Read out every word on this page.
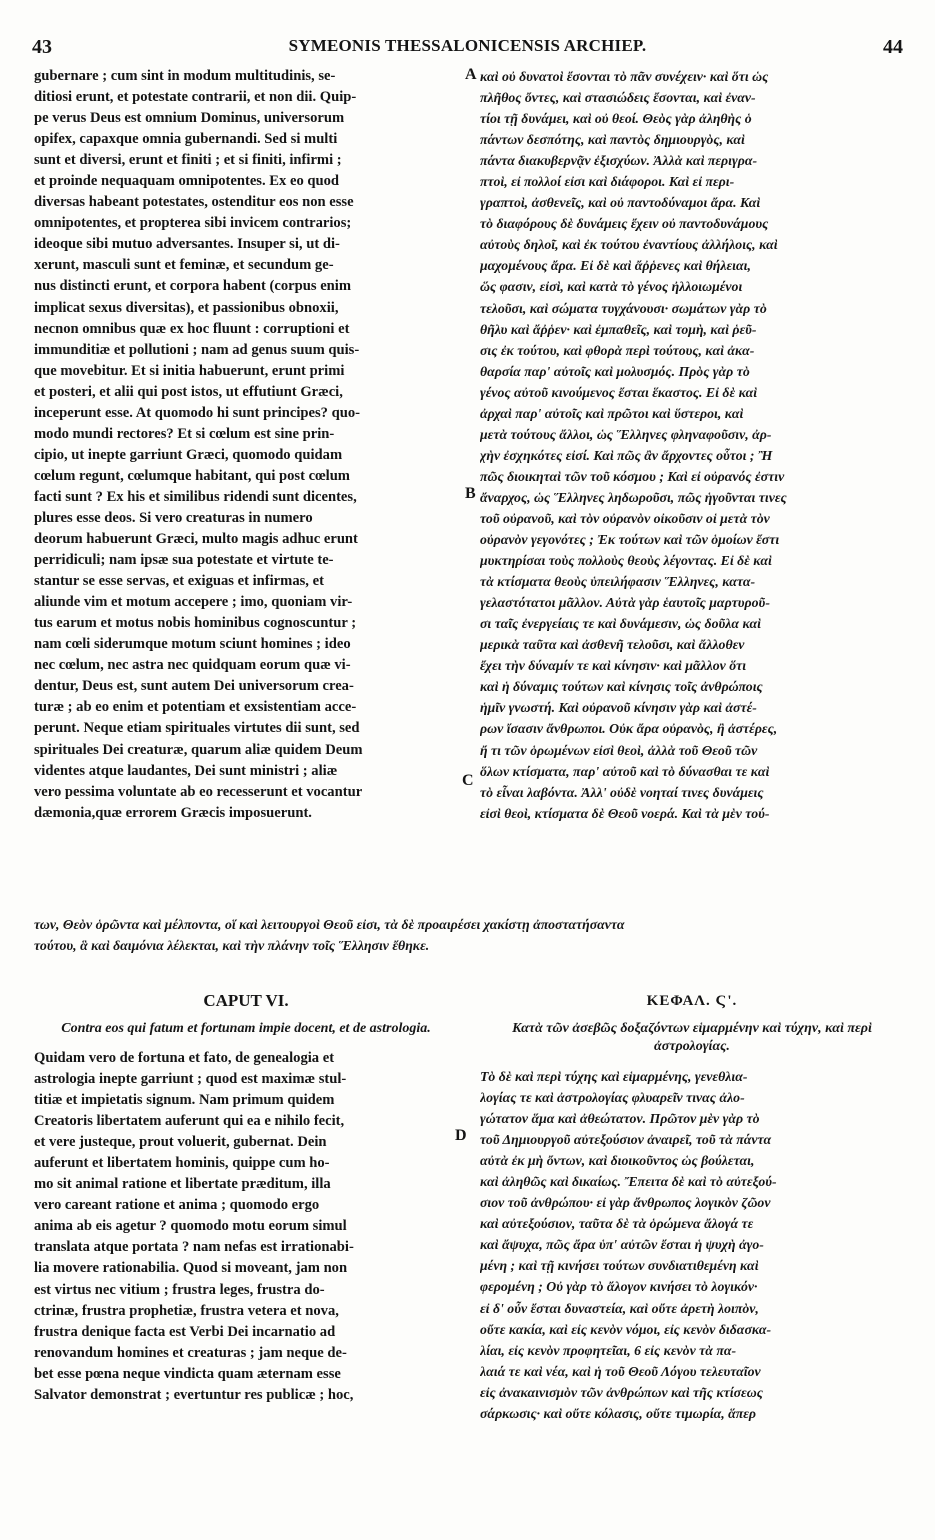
43	SYMEONIS THESSALONICENSIS ARCHIEP.	44
A
B
C
D
gubernare ; cum sint in modum multitudinis, se-
ditiosi erunt, et potestate contrarii, et non dii. Quip-
pe verus Deus est omnium Dominus, universorum
opifex, capaxque omnia gubernandi. Sed si multi
sunt et diversi, erunt et finiti ; et si finiti, infirmi ;
et proinde nequaquam omnipotentes. Ex eo quod
diversas habeant potestates, ostenditur eos non esse
omnipotentes, et propterea sibi invicem contrarios;
ideoque sibi mutuo adversantes. Insuper si, ut di-
xerunt, masculi sunt et feminæ, et secundum ge-
nus distincti erunt, et corpora habent (corpus enim
implicat sexus diversitas), et passionibus obnoxii,
necnon omnibus quæ ex hoc fluunt : corruptioni et
immunditiæ et pollutioni ; nam ad genus suum quis-
que movebitur. Et si initia habuerunt, erunt primi
et posteri, et alii qui post istos, ut effutiunt Græci,
inceperunt esse. At quomodo hi sunt principes? quo-
modo mundi rectores? Et si cœlum est sine prin-
cipio, ut inepte garriunt Græci, quomodo quidam
cœlum regunt, cœlumque habitant, qui post cœlum
facti sunt ? Ex his et similibus ridendi sunt dicentes,
plures esse deos. Si vero creaturas in numero
deorum habuerunt Græci, multo magis adhuc erunt
perridiculi; nam ipsæ sua potestate et virtute te-
stantur se esse servas, et exiguas et infirmas, et
aliunde vim et motum accepere ; imo, quoniam vir-
tus earum et motus nobis hominibus cognoscuntur ;
nam cœli siderumque motum sciunt homines ; ideo
nec cœlum, nec astra nec quidquam eorum quæ vi-
dentur, Deus est, sunt autem Dei universorum crea-
turæ ; ab eo enim et potentiam et exsistentiam acce-
perunt. Neque etiam spirituales virtutes dii sunt, sed
spirituales Dei creaturæ, quarum aliæ quidem Deum
videntes atque laudantes, Dei sunt ministri ; aliæ
vero pessima voluntate ab eo recesserunt et vocantur
dæmonia,quæ errorem Græcis imposuerunt.
καὶ οὐ δυνατοὶ ἔσονται τὸ πᾶν συνέχειν· καὶ ὅτι ὡς
πλῆθος ὄντες, καὶ στασιώδεις ἔσονται, καὶ ἐναν-
τίοι τῇ δυνάμει, καὶ οὐ θεοί. Θεὸς γὰρ ἀληθὴς ὁ
πάντων δεσπότης, καὶ παντὸς δημιουργὸς, καὶ
πάντα διακυβερνᾷν ἐξισχύων. Ἀλλὰ καὶ περιγρα-
πτοὶ, εἰ πολλοί εἰσι καὶ διάφοροι. Καὶ εἰ περι-
γραπτοὶ, ἀσθενεῖς, καὶ οὐ παντοδύναμοι ἄρα. Καὶ
τὸ διαφόρους δὲ δυνάμεις ἔχειν οὐ παντοδυνάμους
αὐτοὺς δηλοῖ, καὶ ἐκ τούτου ἐναντίους ἀλλήλοις, καὶ
μαχομένους ἄρα. Εἰ δὲ καὶ ἄῤῥενες καὶ θήλειαι,
ὥς φασιν, εἰσὶ, καὶ κατὰ τὸ γένος ἠλλοιωμένοι
τελοῦσι, καὶ σώματα τυγχάνουσι· σωμάτων γὰρ τὸ
θῆλυ καὶ ἄῤῥεν· καὶ ἐμπαθεῖς, καὶ τομὴ, καὶ ῥεῦ-
σις ἐκ τούτου, καὶ φθορὰ περὶ τούτους, καὶ ἀκα-
θαρσία παρ' αὐτοῖς καὶ μολυσμός. Πρὸς γὰρ τὸ
γένος αὐτοῦ κινούμενος ἔσται ἕκαστος. Εἰ δὲ καὶ
ἀρχαὶ παρ' αὐτοῖς καὶ πρῶτοι καὶ ὕστεροι, καὶ
μετὰ τούτους ἄλλοι, ὡς Ἕλληνες φληναφοῦσιν, ἀρ-
χὴν ἐσχηκότες εἰσί. Καὶ πῶς ἂν ἄρχοντες οὗτοι ; Ἢ
πῶς διοικηταὶ τῶν τοῦ κόσμου ; Καὶ εἰ οὐρανός ἐστιν
ἄναρχος, ὡς Ἕλληνες ληδωροῦσι, πῶς ἡγοῦνται τινες
τοῦ οὐρανοῦ, καὶ τὸν οὐρανὸν οἰκοῦσιν οἱ μετὰ τὸν
οὐρανὸν γεγονότες ; Ἐκ τούτων καὶ τῶν ὁμοίων ἔστι
μυκτηρίσαι τοὺς πολλοὺς θεοὺς λέγοντας. Εἰ δὲ καὶ
τὰ κτίσματα θεοὺς ὑπειλήφασιν Ἕλληνες, κατα-
γελαστότατοι μᾶλλον. Αὐτὰ γὰρ ἑαυτοῖς μαρτυροῦ-
σι ταῖς ἐνεργείαις τε καὶ δυνάμεσιν, ὡς δοῦλα καὶ
μερικὰ ταῦτα καὶ ἀσθενῆ τελοῦσι, καὶ ἄλλοθεν
ἔχει τὴν δύναμίν τε καὶ κίνησιν· καὶ μᾶλλον ὅτι
καὶ ἡ δύναμις τούτων καὶ κίνησις τοῖς ἀνθρώποις
ἡμῖν γνωστή. Καὶ οὐρανοῦ κίνησιν γὰρ καὶ ἀστέ-
ρων ἴσασιν ἄνθρωποι. Οὐκ ἄρα οὐρανὸς, ἢ ἀστέρες,
ἤ τι τῶν ὁρωμένων εἰσὶ θεοὶ, ἀλλὰ τοῦ Θεοῦ τῶν
ὅλων κτίσματα, παρ' αὐτοῦ καὶ τὸ δύνασθαι τε καὶ
τὸ εἶναι λαβόντα. Ἀλλ' οὐδὲ νοηταί τινες δυνάμεις
εἰσὶ θεοὶ, κτίσματα δὲ Θεοῦ νοερά. Καὶ τὰ μὲν τού-
των, Θεὸν ὁρῶντα καὶ μέλποντα, οἵ καὶ λειτουργοὶ Θεοῦ εἰσι, τὰ δὲ προαιρέσει χακίστῃ ἀποστατήσαντα
τούτου, ἃ καὶ δαιμόνια λέλεκται, καὶ τὴν πλάνην τοῖς Ἕλλησιν ἔθηκε.
CAPUT VI.
Contra eos qui fatum et fortunam impie docent, et de astrologia.
Quidam vero de fortuna et fato, de genealogia et
astrologia inepte garriunt ; quod est maximæ stul-
titiæ et impietatis signum. Nam primum quidem
Creatoris libertatem auferunt qui ea e nihilo fecit,
et vere justeque, prout voluerit, gubernat. Dein
auferunt et libertatem hominis, quippe cum ho-
mo sit animal ratione et libertate præditum, illa
vero careant ratione et anima ; quomodo ergo
anima ab eis agetur ? quomodo motu eorum simul
translata atque portata ? nam nefas est irrationabi-
lia movere rationabilia. Quod si moveant, jam non
est virtus nec vitium ; frustra leges, frustra do-
ctrinæ, frustra prophetiæ, frustra vetera et nova,
frustra denique facta est Verbi Dei incarnatio ad
renovandum homines et creaturas ; jam neque de-
bet esse pœna neque vindicta quam æternam esse
Salvator demonstrat ; evertuntur res publicæ ; hoc,
ΚΕΦΑΛ. Ϛ'.
Κατὰ τῶν ἀσεβῶς δοξαζόντων εἱμαρμένην καὶ τύχην, καὶ περὶ ἀστρολογίας.
Τὸ δὲ καὶ περὶ τύχης καὶ εἱμαρμένης, γενεθλια-
λογίας τε καὶ ἀστρολογίας φλυαρεῖν τινας ἀλο-
γώτατον ἅμα καὶ ἀθεώτατον. Πρῶτον μὲν γὰρ τὸ
τοῦ Δημιουργοῦ αὐτεξούσιον ἀναιρεῖ, τοῦ τὰ πάντα
αὐτὰ ἐκ μὴ ὄντων, καὶ διοικοῦντος ὡς βούλεται,
καὶ ἀληθῶς καὶ δικαίως. Ἔπειτα δὲ καὶ τὸ αὐτεξού-
σιον τοῦ ἀνθρώπου· εἰ γὰρ ἄνθρωπος λογικὸν ζῶον
καὶ αὐτεξούσιον, ταῦτα δὲ τὰ ὁρώμενα ἄλογά τε
καὶ ἄψυχα, πῶς ἄρα ὑπ' αὐτῶν ἔσται ἡ ψυχὴ ἀγο-
μένη ; καὶ τῇ κινήσει τούτων συνδιατιθεμένη καὶ
φερομένη ; Οὐ γὰρ τὸ ἄλογον κινήσει τὸ λογικόν·
εἰ δ' οὖν ἔσται δυναστεία, καὶ οὔτε ἀρετὴ λοιπὸν,
οὔτε κακία, καὶ εἰς κενὸν νόμοι, εἰς κενὸν διδασκα-
λίαι, εἰς κενὸν προφητεῖαι, 6 εἰς κενὸν τὰ πα-
λαιά τε καὶ νέα, καὶ ἡ τοῦ Θεοῦ Λόγου τελευταῖον
εἰς ἀνακαινισμὸν τῶν ἀνθρώπων καὶ τῆς κτίσεως
σάρκωσις· καὶ οὔτε κόλασις, οὔτε τιμωρία, ἅπερ
